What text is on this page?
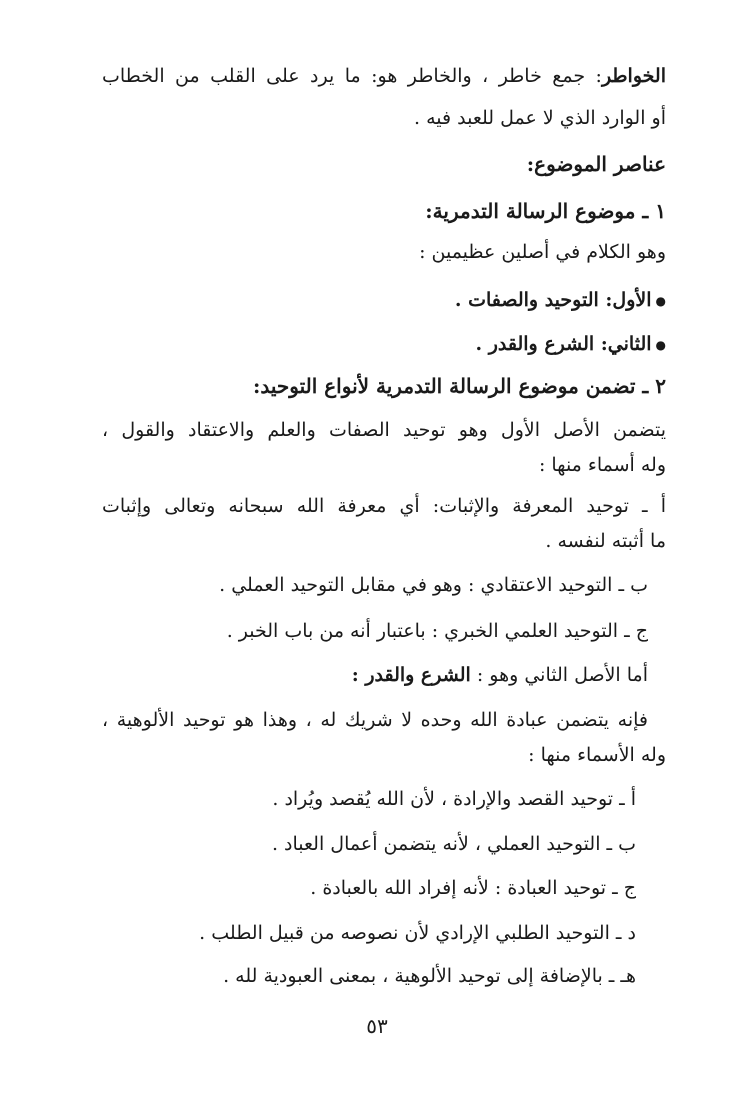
الخواطر: جمع خاطر ، والخاطر هو: ما يرد على القلب من الخطاب
أو الوارد الذي لا عمل للعبد فيه .
عناصر الموضوع:
١ ـ موضوع الرسالة التدمرية:
وهو الكلام في أصلين عظيمين :
● الأول: التوحيد والصفات .
● الثاني: الشرع والقدر .
٢ ـ تضمن موضوع الرسالة التدمرية لأنواع التوحيد:
يتضمن الأصل الأول وهو توحيد الصفات والعلم والاعتقاد والقول ،
وله أسماء منها :
أ ـ توحيد المعرفة والإثبات: أي معرفة الله سبحانه وتعالى وإثبات
ما أثبته لنفسه .
ب ـ التوحيد الاعتقادي : وهو في مقابل التوحيد العملي .
ج ـ التوحيد العلمي الخبري : باعتبار أنه من باب الخبر .
أما الأصل الثاني وهو : الشرع والقدر :
فإنه يتضمن عبادة الله وحده لا شريك له ، وهذا هو توحيد الألوهية ،
وله الأسماء منها :
أ ـ توحيد القصد والإرادة ، لأن الله يُقصد ويُراد .
ب ـ التوحيد العملي ، لأنه يتضمن أعمال العباد .
ج ـ توحيد العبادة : لأنه إفراد الله بالعبادة .
د ـ التوحيد الطلبي الإرادي لأن نصوصه من قبيل الطلب .
هـ ـ بالإضافة إلى توحيد الألوهية ، بمعنى العبودية لله .
٥٣
